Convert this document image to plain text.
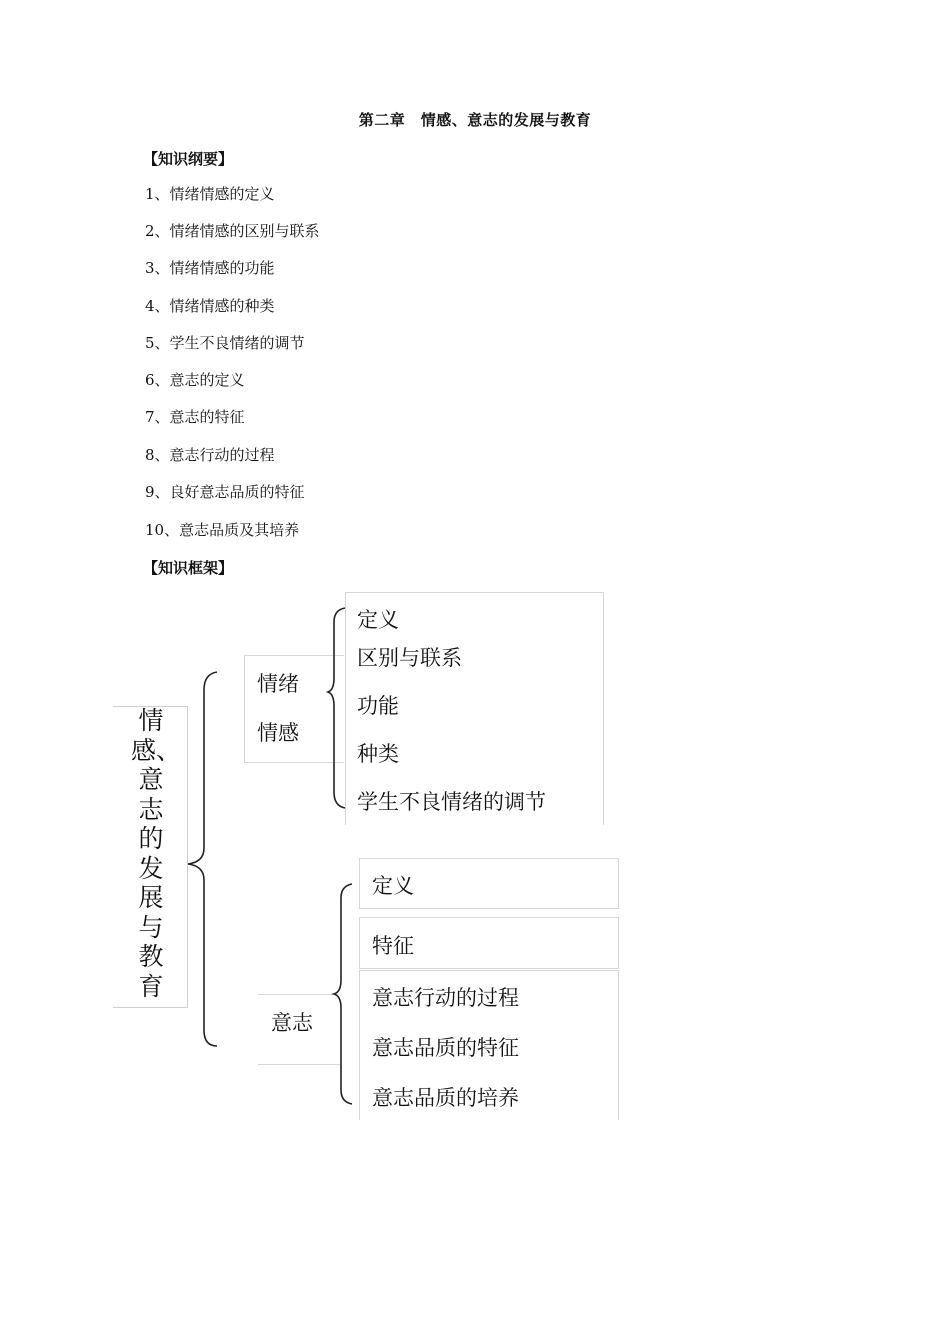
第二章　情感、意志的发展与教育
【知识纲要】
1、情绪情感的定义
2、情绪情感的区别与联系
3、情绪情感的功能
4、情绪情感的种类
5、学生不良情绪的调节
6、意志的定义
7、意志的特征
8、意志行动的过程
9、良好意志品质的特征
10、意志品质及其培养
【知识框架】
情感、意志的发展与教育
情绪
情感
定义
区别与联系
功能
种类
学生不良情绪的调节
意志
定义
特征
意志行动的过程
意志品质的特征
意志品质的培养
